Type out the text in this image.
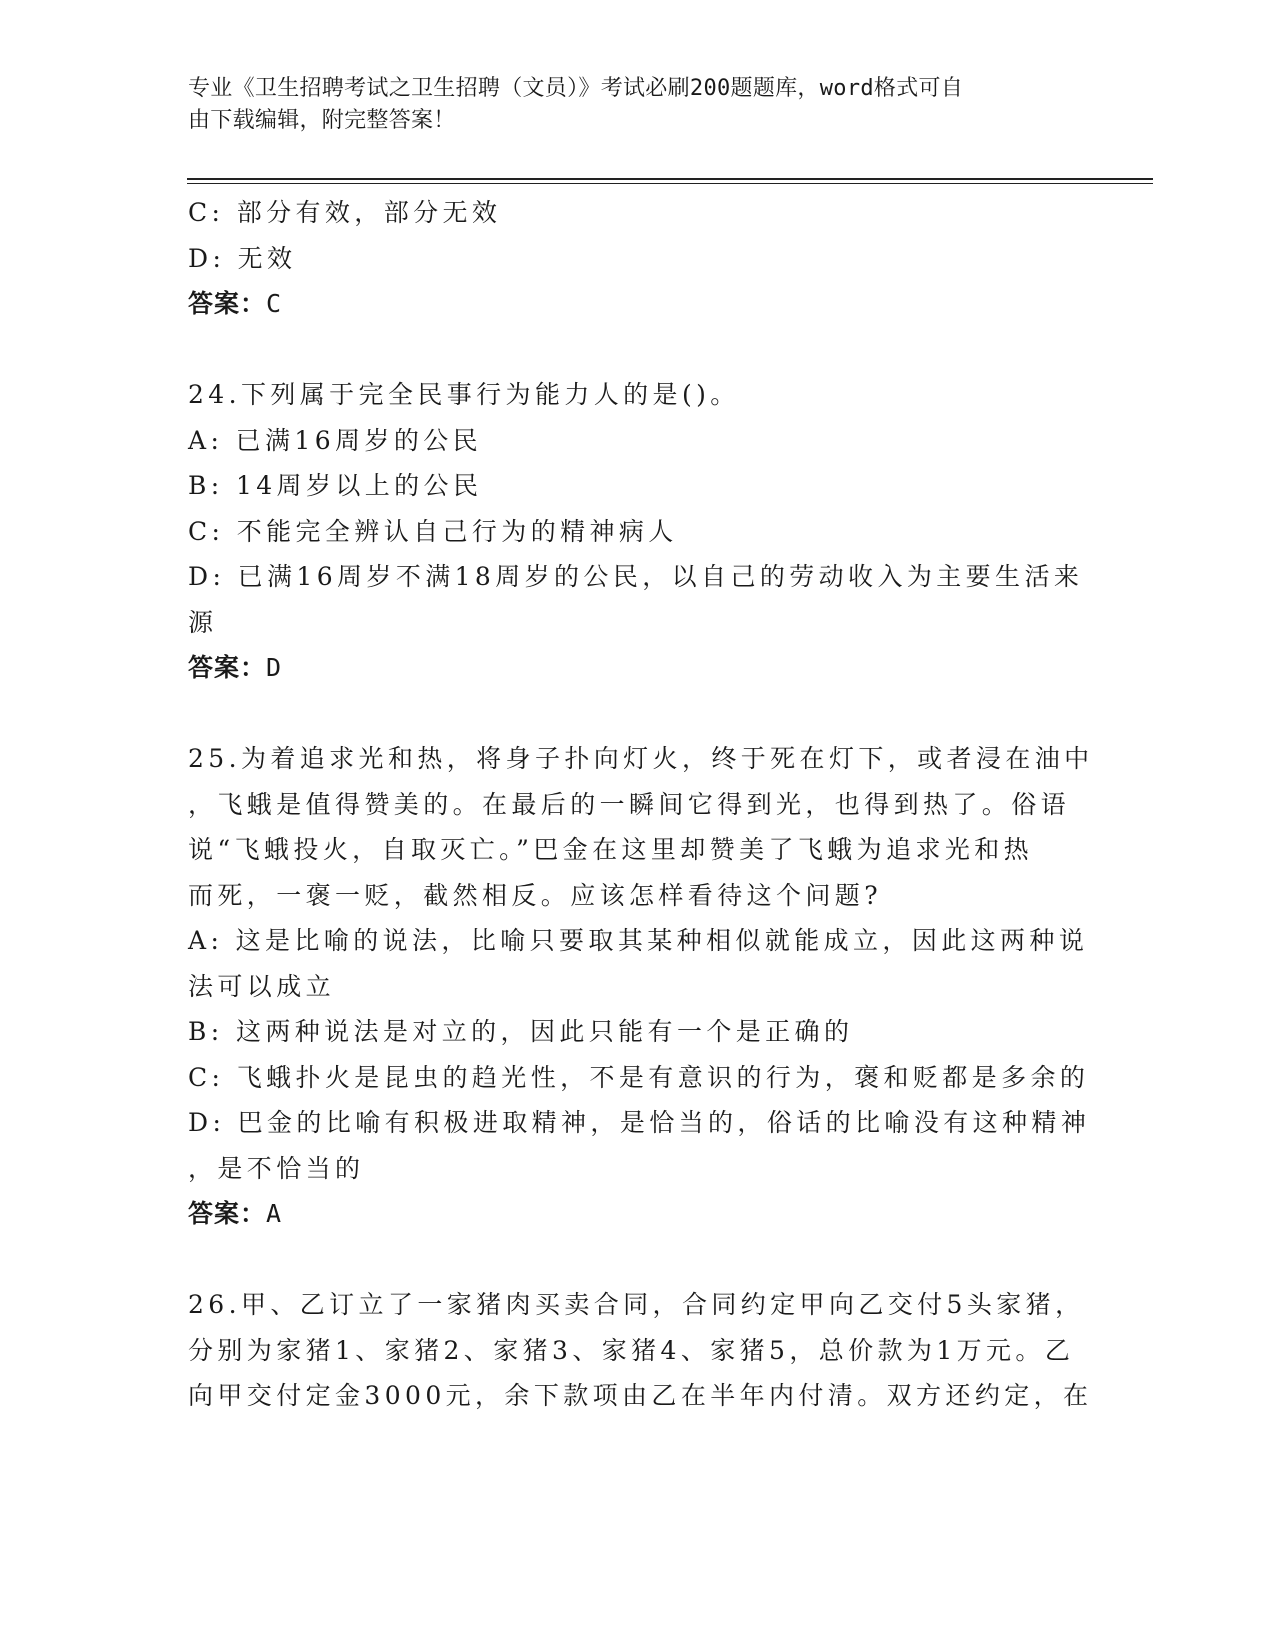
专业《卫生招聘考试之卫生招聘（文员）》考试必刷200题题库，word格式可自
由下载编辑，附完整答案！
C: 部分有效，部分无效
D: 无效
答案：C
24.下列属于完全民事行为能力人的是()。
A: 已满16周岁的公民
B: 14周岁以上的公民
C: 不能完全辨认自己行为的精神病人
D: 已满16周岁不满18周岁的公民，以自己的劳动收入为主要生活来
源
答案：D
25.为着追求光和热，将身子扑向灯火，终于死在灯下，或者浸在油中
，飞蛾是值得赞美的。在最后的一瞬间它得到光，也得到热了。俗语
说“飞蛾投火，自取灭亡。”巴金在这里却赞美了飞蛾为追求光和热
而死，一褒一贬，截然相反。应该怎样看待这个问题?
A: 这是比喻的说法，比喻只要取其某种相似就能成立，因此这两种说
法可以成立
B: 这两种说法是对立的，因此只能有一个是正确的
C: 飞蛾扑火是昆虫的趋光性，不是有意识的行为，褒和贬都是多余的
D: 巴金的比喻有积极进取精神，是恰当的，俗话的比喻没有这种精神
，是不恰当的
答案：A
26.甲、乙订立了一家猪肉买卖合同，合同约定甲向乙交付5头家猪，
分别为家猪1、家猪2、家猪3、家猪4、家猪5，总价款为1万元。乙
向甲交付定金3000元，余下款项由乙在半年内付清。双方还约定，在
